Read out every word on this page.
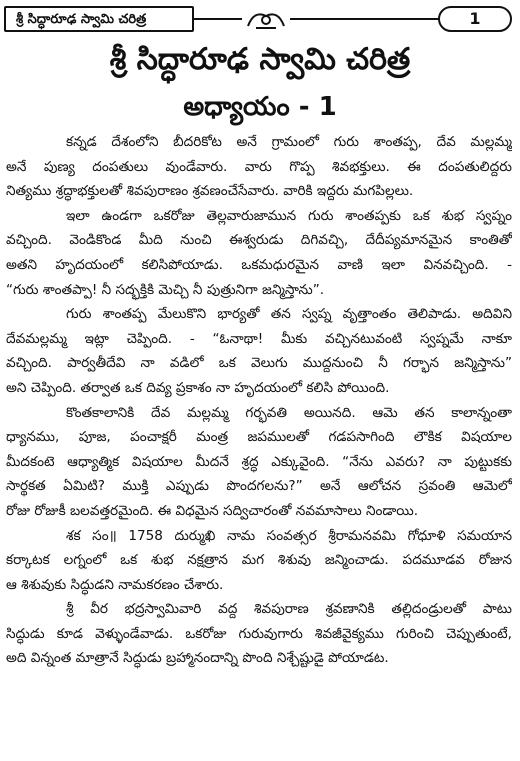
శ్రీ సిద్ధారూఢ స్వామి చరిత్ర	1
శ్రీ సిద్ధారూఢ స్వామి చరిత్ర
అధ్యాయం - 1
కన్నడ దేశంలోని బీదరికోట అనే గ్రామంలో గురు శాంతప్ప, దేవ మల్లమ్మ
అనే పుణ్య దంపతులు వుండేవారు. వారు గొప్ప శివభక్తులు. ఈ దంపతులిద్దరు
నిత్యము శ్రద్ధాభక్తులతో శివపురాణం శ్రవణంచేసేవారు. వారికి ఇద్దరు మగపిల్లలు.
ఇలా ఉండగా ఒకరోజు తెల్లవారుజామున గురు శాంతప్పకు ఒక శుభ స్వప్నం
వచ్చింది. వెండికొండ మీది నుంచి ఈశ్వరుడు దిగివచ్చి, దేదీప్యమానమైన కాంతితో
అతని హృదయంలో కలిసిపోయాడు. ఒకమధురమైన వాణి ఇలా వినవచ్చింది. -
“గురు శాంతప్పా! నీ సద్భక్తికి మెచ్చి నీ పుత్రునిగా జన్మిస్తాను”.
గురు శాంతప్ప మేలుకొని భార్యతో తన స్వప్న వృత్తాంతం తెలిపాడు. అదివిని
దేవమల్లమ్మ ఇట్లా చెప్పింది. - “ఓనాథా! మీకు వచ్చినటువంటి స్వప్నమే నాకూ
వచ్చింది. పార్వతీదేవి నా వడిలో ఒక వెలుగు ముద్దనుంచి నీ గర్భాన జన్మిస్తాను”
అని చెప్పింది. తర్వాత ఒక దివ్య ప్రకాశం నా హృదయంలో కలిసి పోయింది.
కొంతకాలానికి దేవ మల్లమ్మ గర్భవతి అయినది. ఆమె తన కాలాన్నంతా
ధ్యానము, పూజ, పంచాక్షరీ మంత్ర జపములతో గడపసాగింది లౌకిక విషయాల
మీదకంటె ఆధ్యాత్మిక విషయాల మీదనే శ్రద్ధ ఎక్కువైంది. “నేను ఎవరు? నా పుట్టుకకు
సార్థకత ఏమిటి? ముక్తి ఎప్పుడు పొందగలను?” అనే ఆలోచన స్రవంతి ఆమెలో
రోజు రోజుకీ బలవత్తరమైంది. ఈ విధమైన సద్విచారంతో నవమాసాలు నిండాయి.
శక సం॥ 1758 దుర్ముఖి నామ సంవత్సర శ్రీరామనవమి గోధూళి సమయాన
కర్కాటక లగ్నంలో ఒక శుభ నక్షత్రాన మగ శిశువు జన్మించాడు. పదమూడవ రోజున
ఆ శిశువుకు సిద్ధుడని నామకరణం చేశారు.
శ్రీ వీర భద్రస్వామివారి వద్ద శివపురాణ శ్రవణానికి తల్లిదండ్రులతో పాటు
సిద్ధుడు కూడ వెళ్ళుండేవాడు. ఒకరోజు గురువుగారు శివజీవైక్యము గురించి చెప్పుతుంటే,
అది విన్నంత మాత్రానే సిద్ధుడు బ్రహ్మానందాన్ని పొంది నిశ్చేష్టుడై పోయాడట.
